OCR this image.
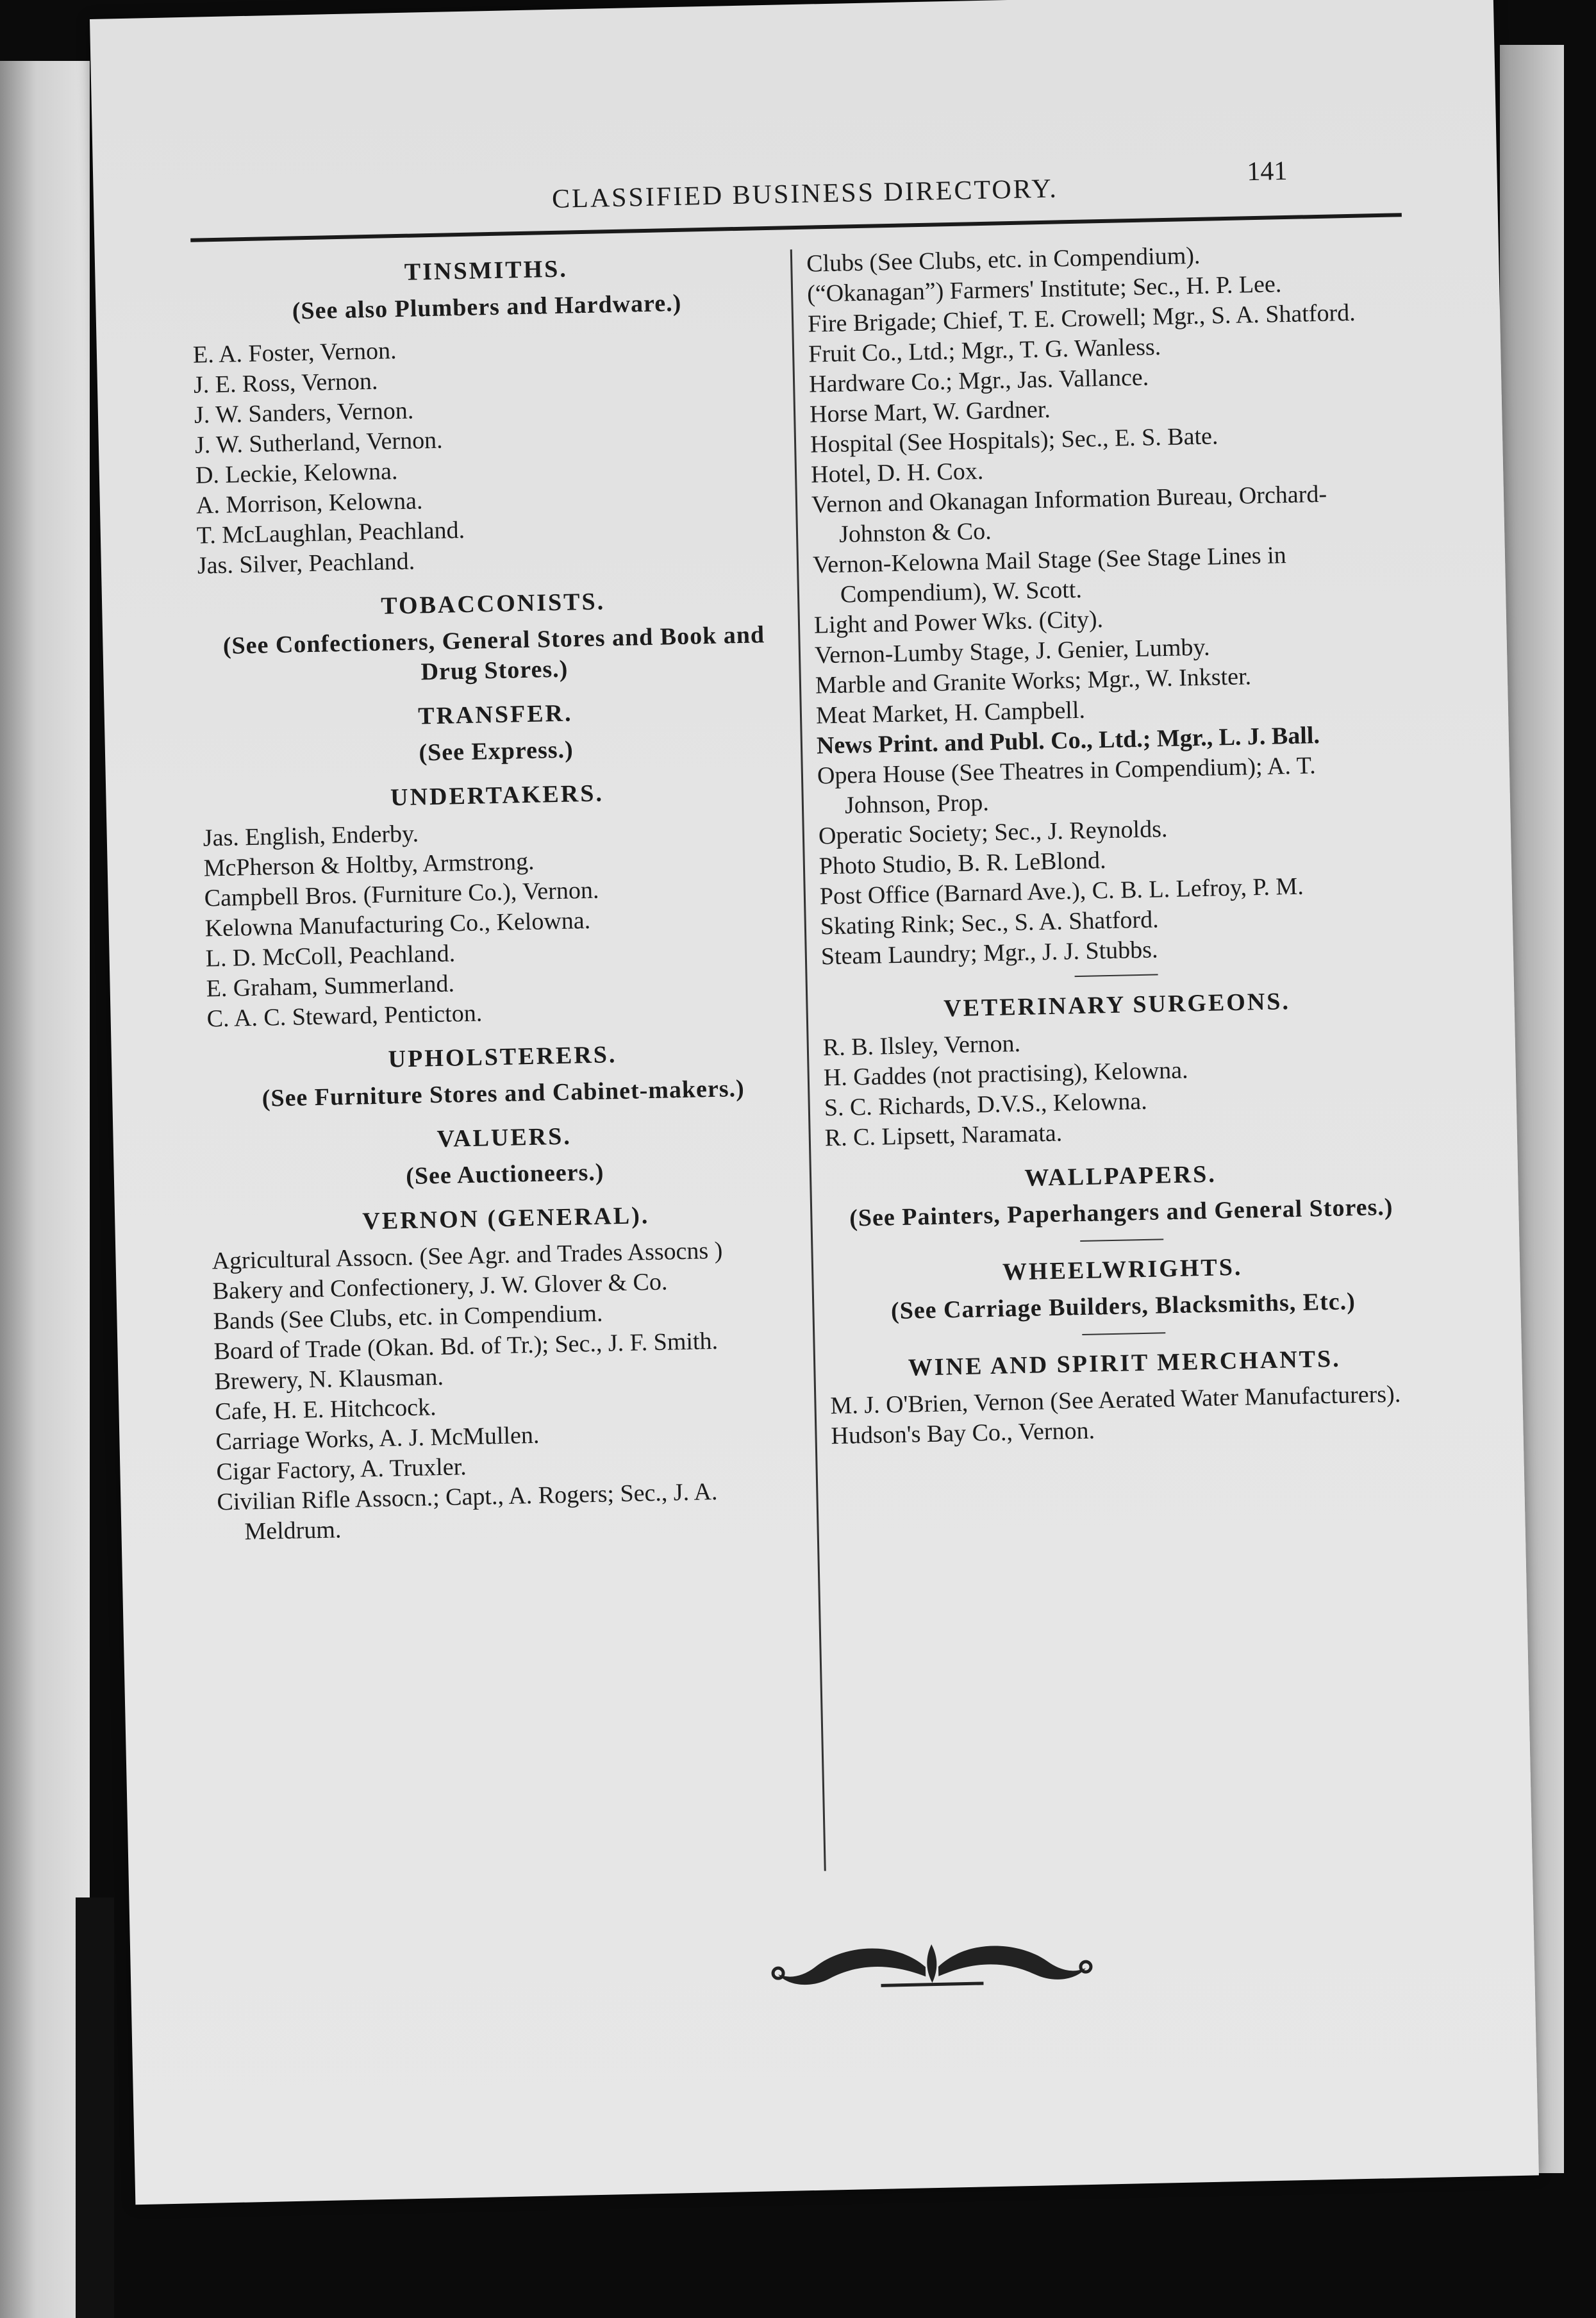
CLASSIFIED BUSINESS DIRECTORY.
141
TINSMITHS.
(See also Plumbers and Hardware.)

E. A. Foster, Vernon.

J. E. Ross, Vernon.

J. W. Sanders, Vernon.

J. W. Sutherland, Vernon.

D. Leckie, Kelowna.

A. Morrison, Kelowna.

T. McLaughlan, Peachland.

Jas. Silver, Peachland.

TOBACCONISTS.
(See Confectioners, General Stores and Book and Drug Stores.)
TRANSFER.
(See Express.)
UNDERTAKERS.

Jas. English, Enderby.

McPherson & Holtby, Armstrong.

Campbell Bros. (Furniture Co.), Vernon.

Kelowna Manufacturing Co., Kelowna.

L. D. McColl, Peachland.

E. Graham, Summerland.

C. A. C. Steward, Penticton.

UPHOLSTERERS.
(See Furniture Stores and Cabinet-makers.)
VALUERS.
(See Auctioneers.)
VERNON (GENERAL).

Agricultural Assocn. (See Agr. and Trades Assocns )

Bakery and Confectionery, J. W. Glover & Co.

Bands (See Clubs, etc. in Compendium.

Board of Trade (Okan. Bd. of Tr.); Sec., J. F. Smith.

Brewery, N. Klausman.

Cafe, H. E. Hitchcock.

Carriage Works, A. J. McMullen.

Cigar Factory, A. Truxler.

Civilian Rifle Assocn.; Capt., A. Rogers; Sec., J. A. Meldrum.

Clubs (See Clubs, etc. in Compendium).

(“Okanagan”) Farmers' Institute; Sec., H. P. Lee.

Fire Brigade; Chief, T. E. Crowell; Mgr., S. A. Shatford.

Fruit Co., Ltd.; Mgr., T. G. Wanless.

Hardware Co.; Mgr., Jas. Vallance.

Horse Mart, W. Gardner.

Hospital (See Hospitals); Sec., E. S. Bate.

Hotel, D. H. Cox.

Vernon and Okanagan Information Bureau, Orchard-Johnston & Co.

Vernon-Kelowna Mail Stage (See Stage Lines in Compendium), W. Scott.

Light and Power Wks. (City).

Vernon-Lumby Stage, J. Genier, Lumby.

Marble and Granite Works; Mgr., W. Inkster.

Meat Market, H. Campbell.

News Print. and Publ. Co., Ltd.; Mgr., L. J. Ball.

Opera House (See Theatres in Compendium); A. T. Johnson, Prop.

Operatic Society; Sec., J. Reynolds.

Photo Studio, B. R. LeBlond.

Post Office (Barnard Ave.), C. B. L. Lefroy, P. M.

Skating Rink; Sec., S. A. Shatford.

Steam Laundry; Mgr., J. J. Stubbs.

VETERINARY SURGEONS.

R. B. Ilsley, Vernon.

H. Gaddes (not practising), Kelowna.

S. C. Richards, D.V.S., Kelowna.

R. C. Lipsett, Naramata.

WALLPAPERS.
(See Painters, Paperhangers and General Stores.)
WHEELWRIGHTS.
(See Carriage Builders, Blacksmiths, Etc.)
WINE AND SPIRIT MERCHANTS.

M. J. O'Brien, Vernon (See Aerated Water Manufacturers).

Hudson's Bay Co., Vernon.
